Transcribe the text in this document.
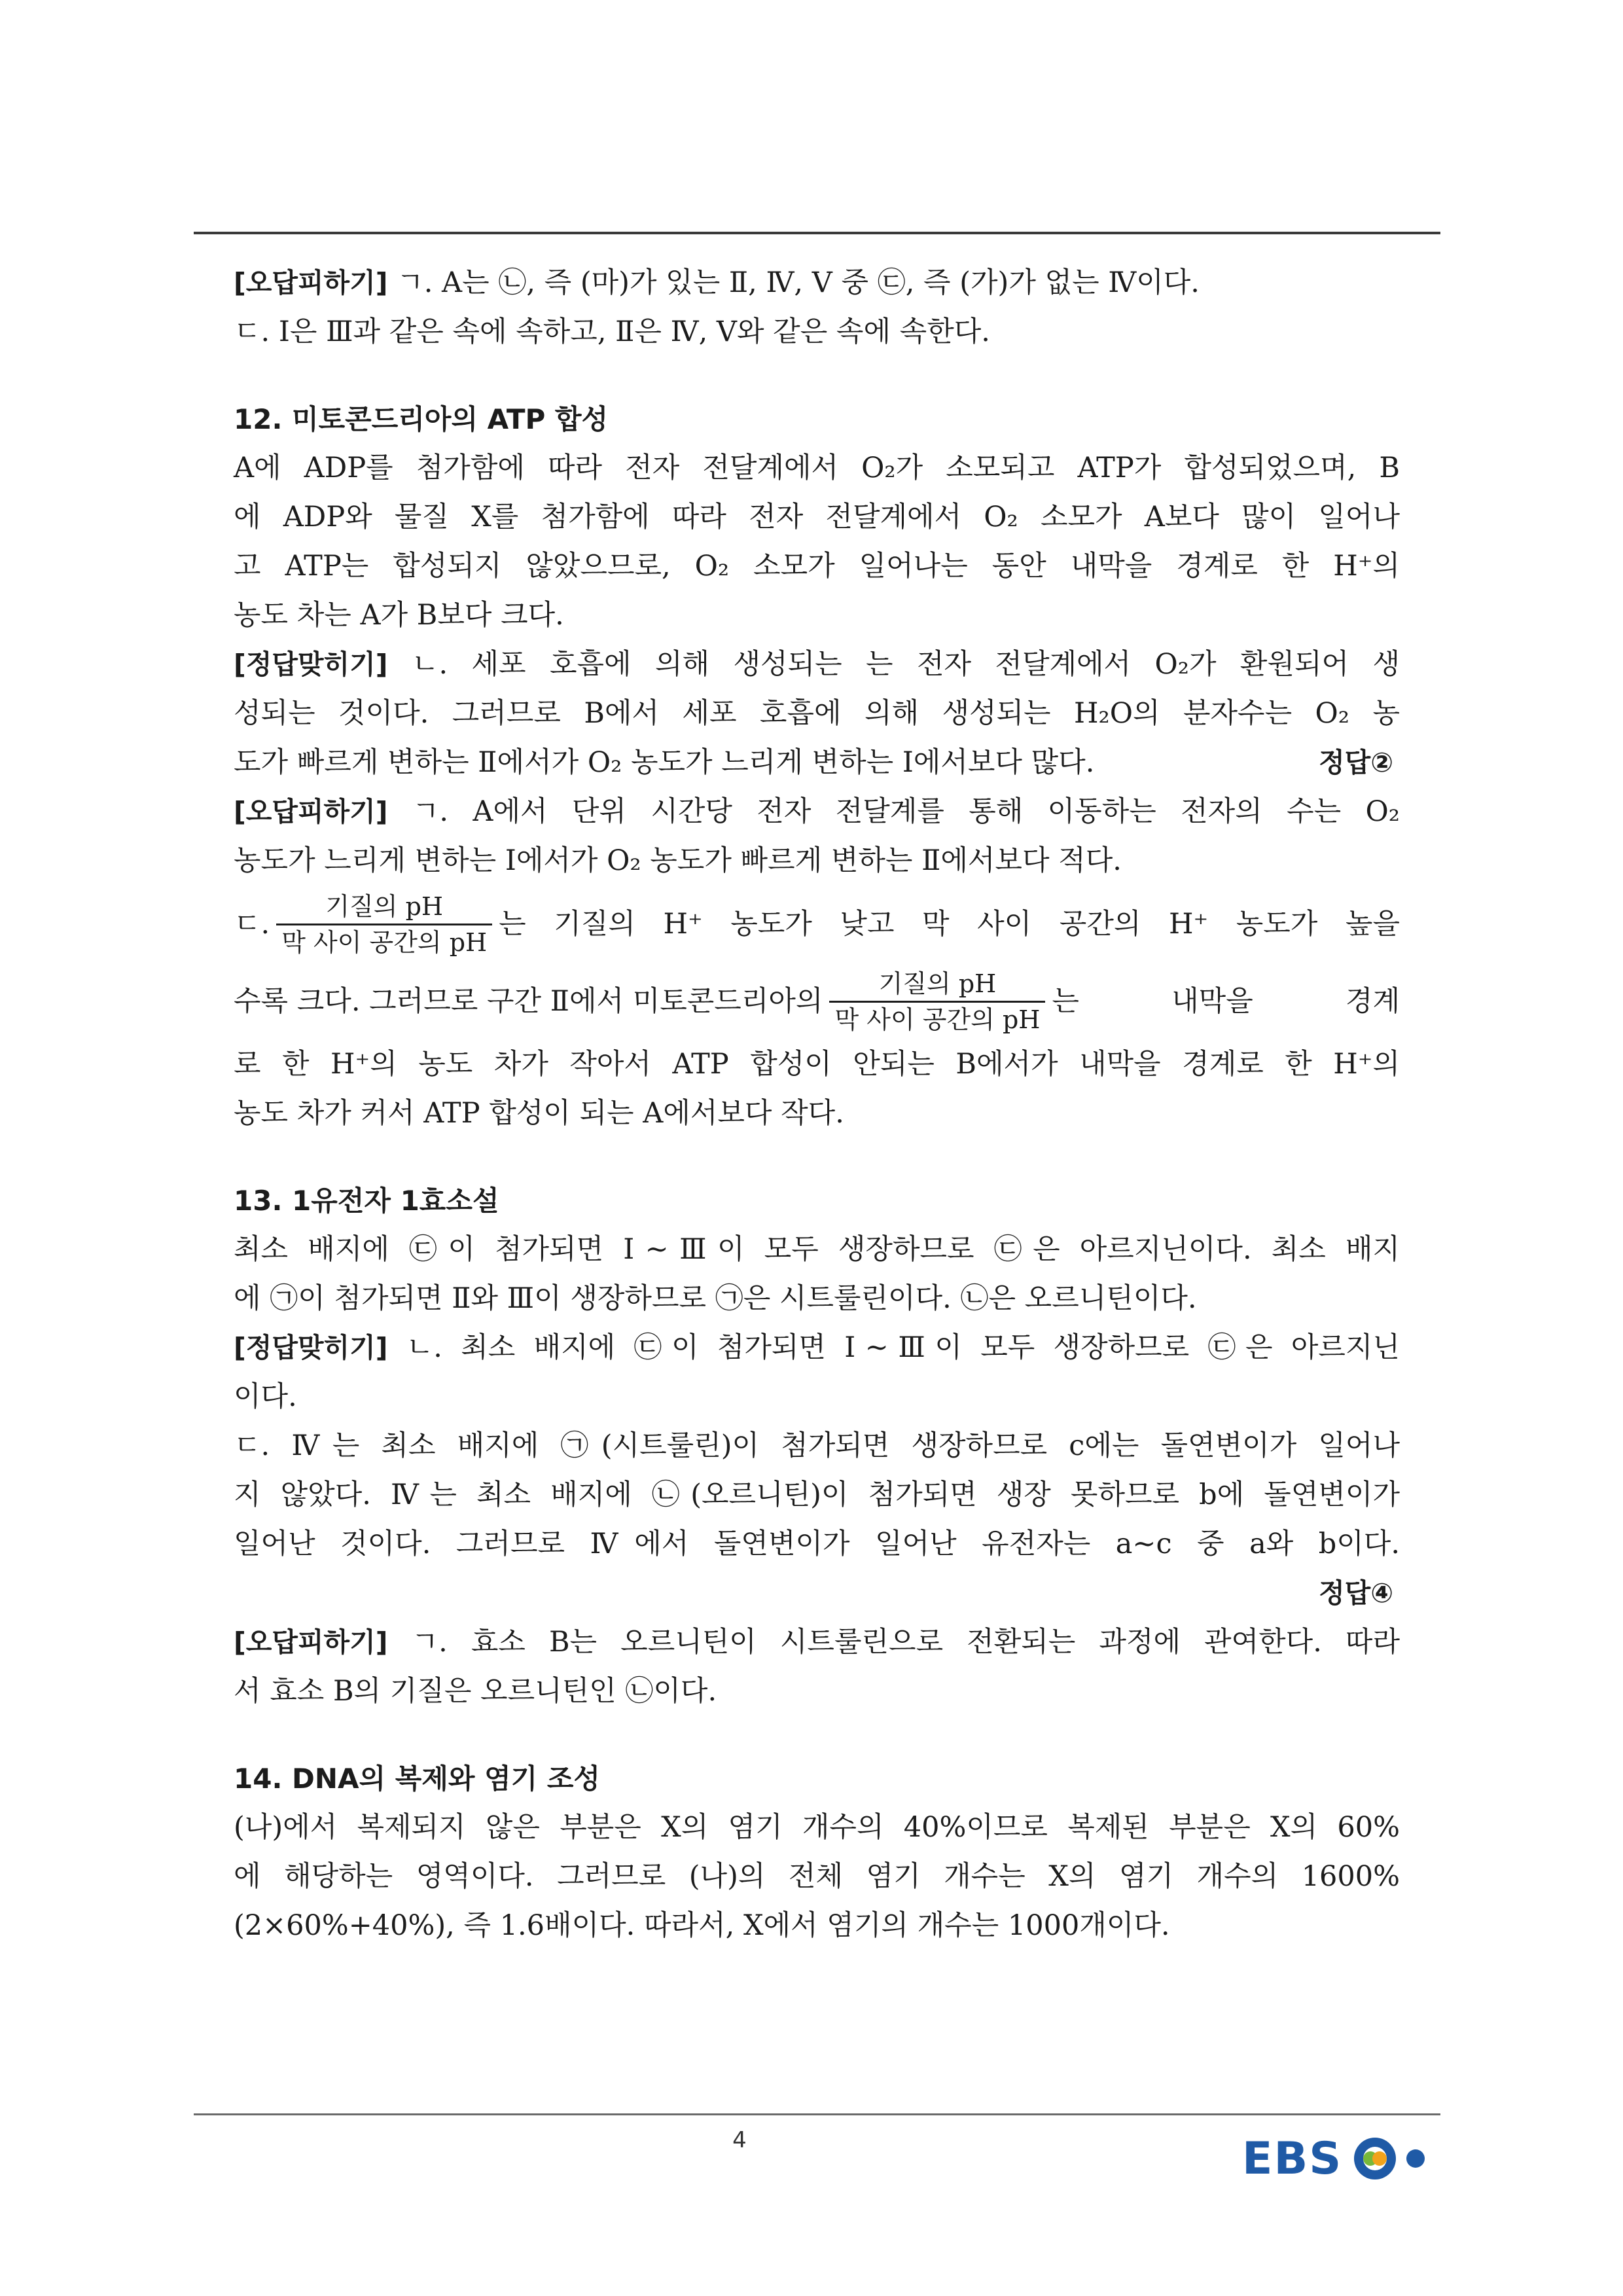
[오답피하기] ㄱ. A는 ㉡, 즉 (마)가 있는 Ⅱ, Ⅳ, Ⅴ 중 ㉢, 즉 (가)가 없는 Ⅳ이다.
ㄷ. Ⅰ은 Ⅲ과 같은 속에 속하고, Ⅱ은 Ⅳ, Ⅴ와 같은 속에 속한다.
12. 미토콘드리아의 ATP 합성
A에 ADP를 첨가함에 따라 전자 전달계에서 O₂가 소모되고 ATP가 합성되었으며, B
에 ADP와 물질 X를 첨가함에 따라 전자 전달계에서 O₂ 소모가 A보다 많이 일어나
고 ATP는 합성되지 않았으므로, O₂ 소모가 일어나는 동안 내막을 경계로 한 H⁺의
농도 차는 A가 B보다 크다.
[정답맞히기] ㄴ. 세포 호흡에 의해 생성되는 는 전자 전달계에서 O₂가 환원되어 생
성되는 것이다. 그러므로 B에서 세포 호흡에 의해 생성되는 H₂O의 분자수는 O₂ 농
도가 빠르게 변하는 Ⅱ에서가 O₂ 농도가 느리게 변하는 Ⅰ에서보다 많다.	정답②
[오답피하기] ㄱ. A에서 단위 시간당 전자 전달계를 통해 이동하는 전자의 수는 O₂
농도가 느리게 변하는 Ⅰ에서가 O₂ 농도가 빠르게 변하는 Ⅱ에서보다 적다.
ㄷ. $\frac{\text{기질의 pH}}{\text{막 사이 공간의 pH}}$ 는 기질의 H⁺ 농도가 낮고 막 사이 공간의 H⁺ 농도가 높을
수록 크다. 그러므로 구간 Ⅱ에서 미토콘드리아의 $\frac{\text{기질의 pH}}{\text{막 사이 공간의 pH}}$ 는 내막을 경계
로 한 H⁺의 농도 차가 작아서 ATP 합성이 안되는 B에서가 내막을 경계로 한 H⁺의
농도 차가 커서 ATP 합성이 되는 A에서보다 작다.
13. 1유전자 1효소설
최소 배지에 ㉢이 첨가되면 Ⅰ~Ⅲ이 모두 생장하므로 ㉢은 아르지닌이다. 최소 배지
에 ㉠이 첨가되면 Ⅱ와 Ⅲ이 생장하므로 ㉠은 시트룰린이다. ㉡은 오르니틴이다.
[정답맞히기] ㄴ. 최소 배지에 ㉢이 첨가되면 Ⅰ~Ⅲ이 모두 생장하므로 ㉢은 아르지닌
이다.
ㄷ. Ⅳ는 최소 배지에 ㉠(시트룰린)이 첨가되면 생장하므로 c에는 돌연변이가 일어나
지 않았다. Ⅳ는 최소 배지에 ㉡(오르니틴)이 첨가되면 생장 못하므로 b에 돌연변이가
일어난 것이다. 그러므로 Ⅳ에서 돌연변이가 일어난 유전자는 a~c 중 a와 b이다.
정답④
[오답피하기] ㄱ. 효소 B는 오르니틴이 시트룰린으로 전환되는 과정에 관여한다. 따라
서 효소 B의 기질은 오르니틴인 ㉡이다.
14. DNA의 복제와 염기 조성
(나)에서 복제되지 않은 부분은 X의 염기 개수의 40%이므로 복제된 부분은 X의 60%
에 해당하는 영역이다. 그러므로 (나)의 전체 염기 개수는 X의 염기 개수의 1600%
(2×60%+40%), 즉 1.6배이다. 따라서, X에서 염기의 개수는 1000개이다.
4	EBS
